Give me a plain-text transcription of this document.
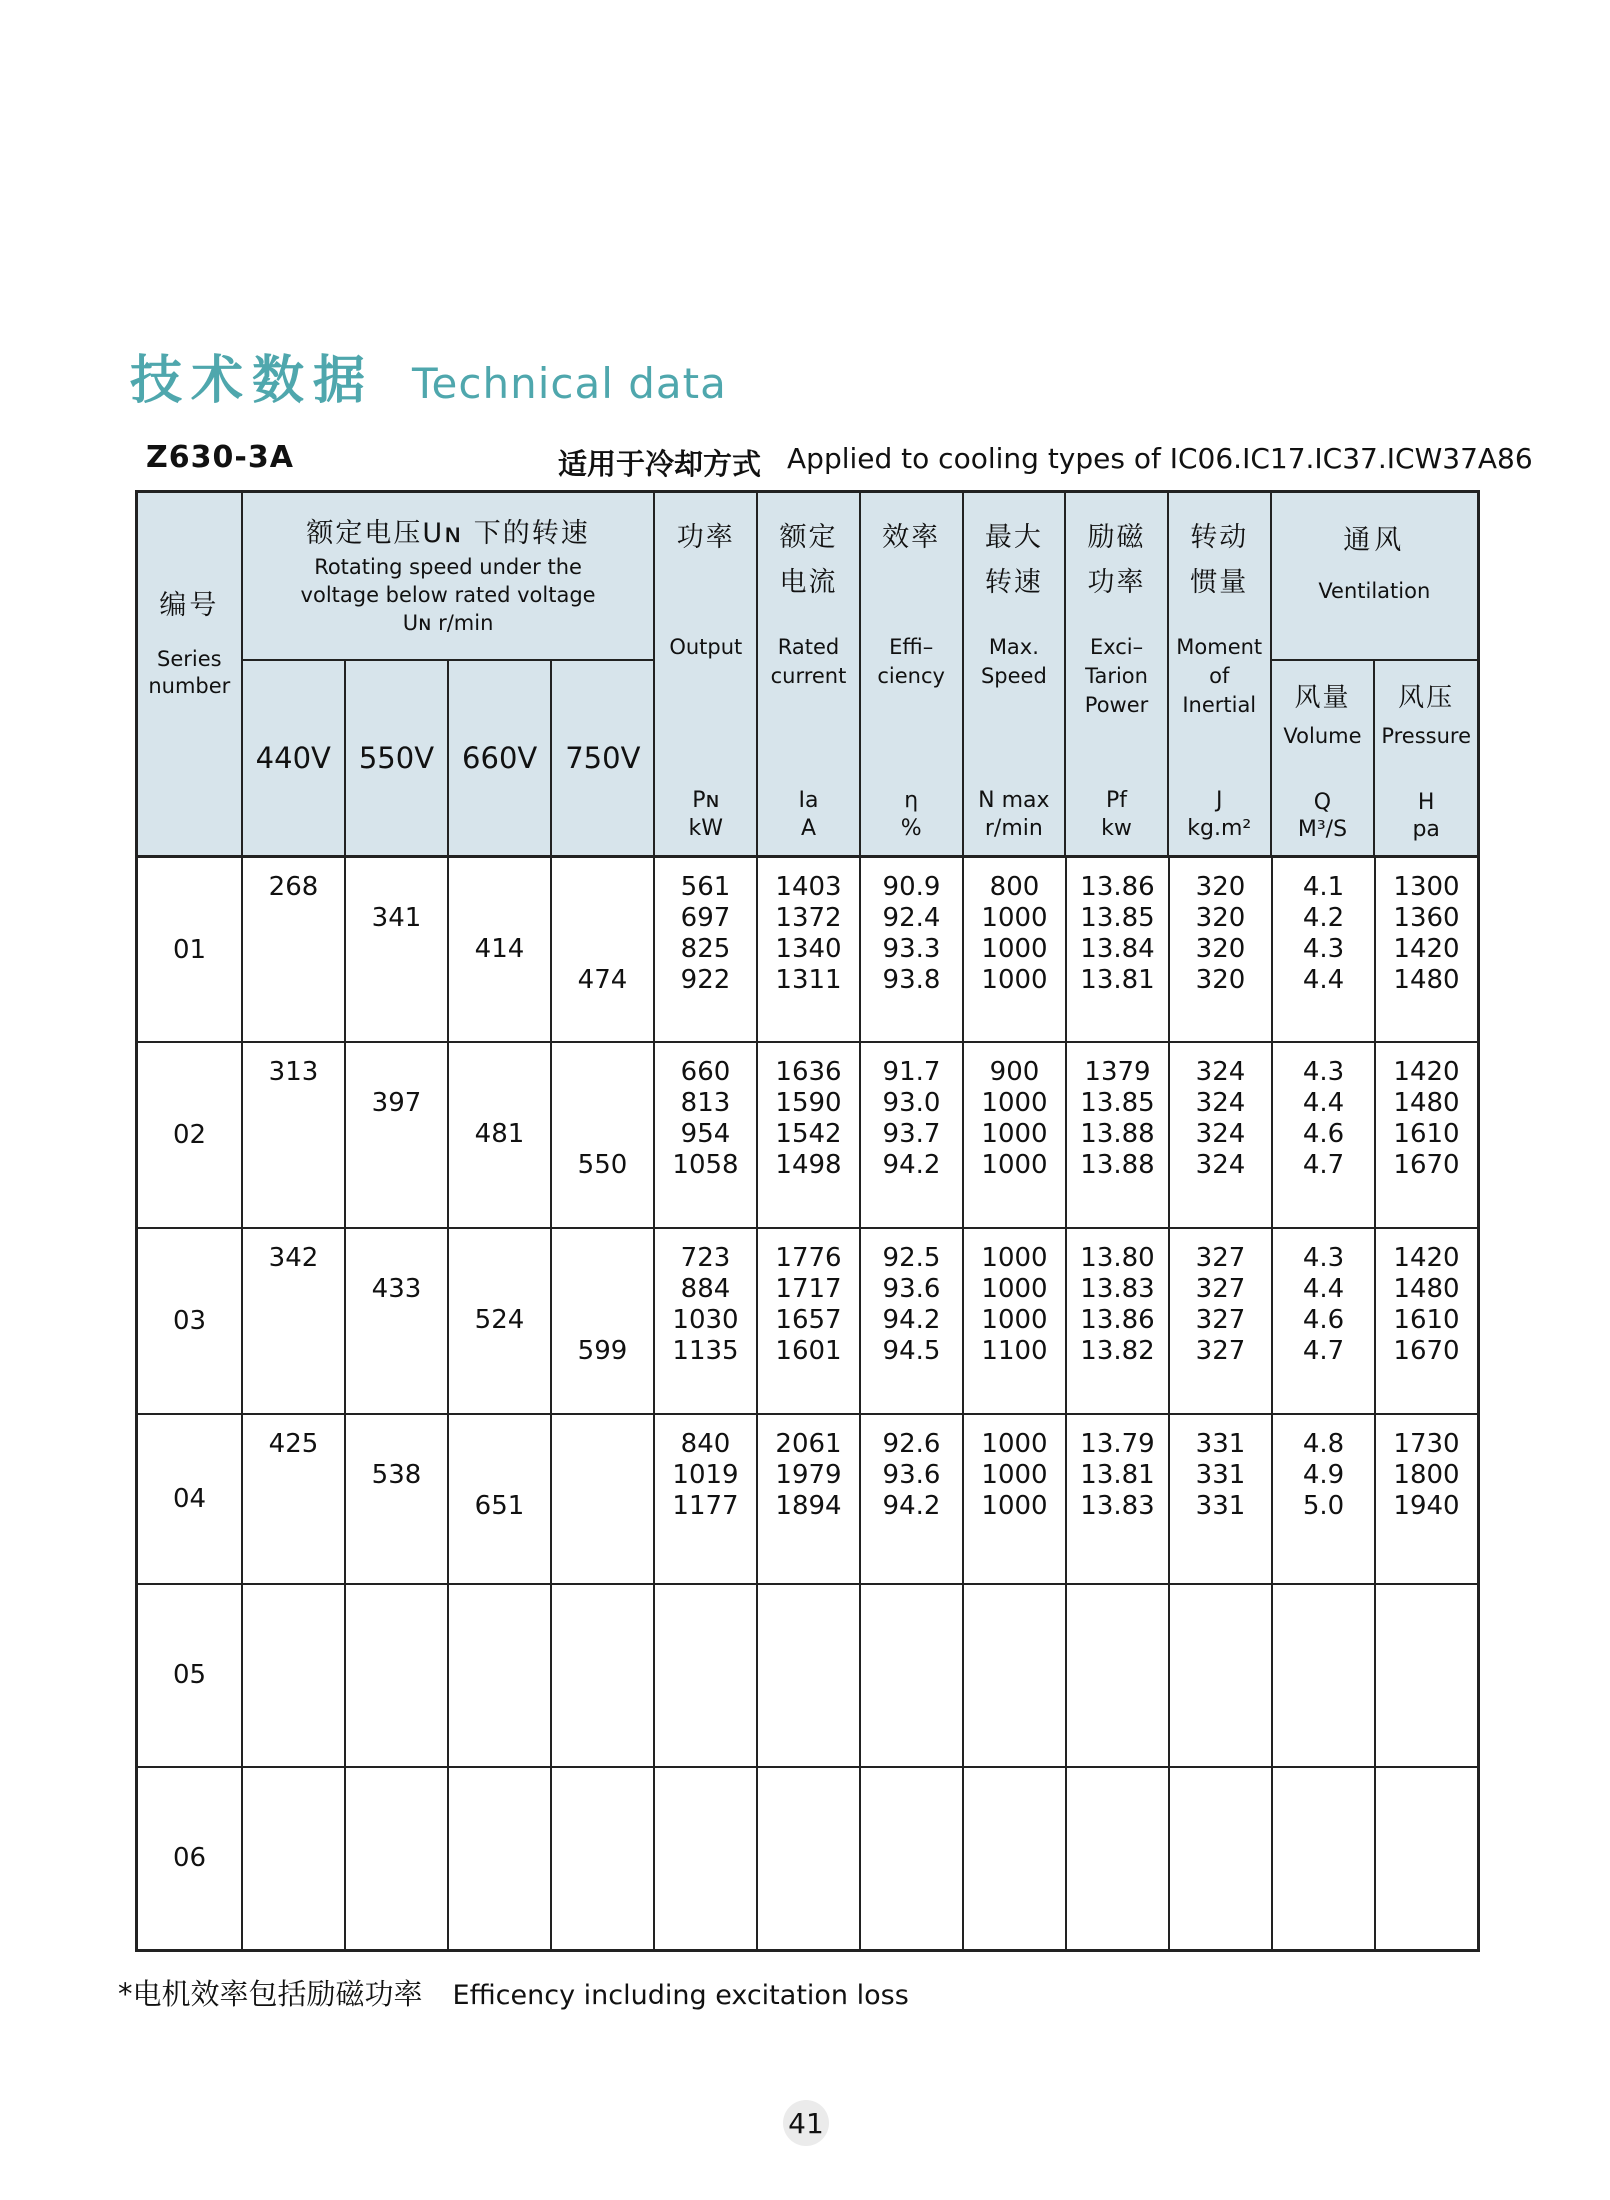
技术数据 Technical data
Z630-3A	适用于冷却方式 Applied to cooling types of IC06.IC17.IC37.ICW37A86
编号
Series
number
额定电压Uɴ 下的转速
Rotating speed under the
voltage below rated voltage
Uɴ r/min
440V 550V 660V 750V
功率
Output
Pɴ
kW
额定
电流
Rated
current
Ia
A
效率
Effi–
ciency
η
%
最大
转速
Max.
Speed
N max
r/min
励磁
功率
Exci–
Tarion
Power
Pf
kw
转动
惯量
Moment
of
Inertial
J
kg.m²
通风
Ventilation
风量
Volume
Q
M³/S
风压
Pressure
H
pa
01
268
341
414
474
561
697
825
922
1403
1372
1340
1311
90.9
92.4
93.3
93.8
800
1000
1000
1000
13.86
13.85
13.84
13.81
320
320
320
320
4.1
4.2
4.3
4.4
1300
1360
1420
1480
02
313
397
481
550
660
813
954
1058
1636
1590
1542
1498
91.7
93.0
93.7
94.2
900
1000
1000
1000
1379
13.85
13.88
13.88
324
324
324
324
4.3
4.4
4.6
4.7
1420
1480
1610
1670
03
342
433
524
599
723
884
1030
1135
1776
1717
1657
1601
92.5
93.6
94.2
94.5
1000
1000
1000
1100
13.80
13.83
13.86
13.82
327
327
327
327
4.3
4.4
4.6
4.7
1420
1480
1610
1670
04
425
538
651
840
1019
1177
2061
1979
1894
92.6
93.6
94.2
1000
1000
1000
13.79
13.81
13.83
331
331
331
4.8
4.9
5.0
1730
1800
1940
05
06
*电机效率包括励磁功率 Efficency including excitation loss
41
